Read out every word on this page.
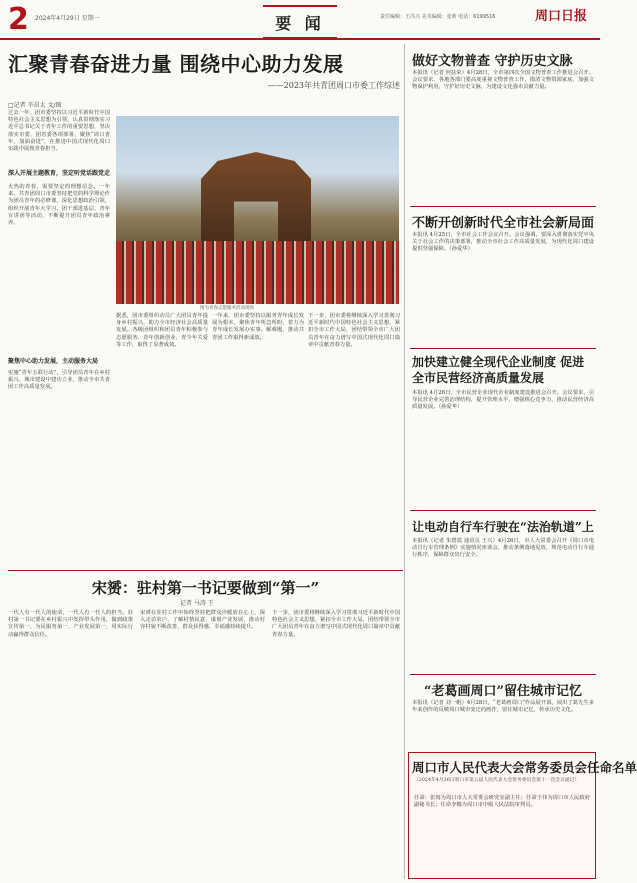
2 2024年4月29日 星期一	要 闻	责任编辑：王冯兴 美术编辑：张莉 电话：6199516	周口日报
汇聚青春奋进力量 围绕中心助力发展
——2023年共青团周口市委工作综述
□记者 辛昂太 文/图
过去一年，团市委坚持以习近平新时代中国特色社会主义思想为引领，认真贯彻落实习近平总书记关于青年工作的重要思想，坚决落实市委、团省委各项部署，聚焦“周口青年，加油奋进”，在推进中国式现代化周口实践中展现青春担当。
深入开展主题教育，坚定听党话跟党走
火热的青春，需要坚定的理想信念。一年来，共青团周口市委坚持把党的科学理论作为团员青年的必修课，深化思想政治引领，组织开展青年大学习、团干部进基层、青年宣讲团等活动，不断提升团员青年政治素养。
聚焦中心助力发展，主动服务大局
实施“青年五联行动”，引导团员青年在乡村振兴、城市建设中建功立业，推动全市共青团工作高质量发展。
图为青春志愿服务活动现场
据悉，团市委组织动员广大团员青年投身乡村振兴，助力全市经济社会高质量发展。各级团组织和团员青年积极参与志愿服务、青年创新创业、青少年关爱等工作，取得了显著成效。
一年来，团市委坚持以服务青年成长发展为根本，聚焦青年所急所盼，着力为青年成长发展办实事、解难题，推动共青团工作取得新成效。
下一步，团市委将继续深入学习贯彻习近平新时代中国特色社会主义思想，紧扣全市工作大局，团结带领全市广大团员青年在奋力谱写中国式现代化周口篇章中贡献青春力量。
宋赟：驻村第一书记要做到“第一”
记者 马涛 王
一代人有一代人的使命，一代人有一代人的担当。驻村第一书记要在乡村振兴中发挥带头作用，做到政策宣传第一、为民服务第一、产业发展第一，用实际行动赢得群众信任。
宋赟在驻村工作中始终坚持把群众冷暖放在心上，深入走访农户，了解村情民意，谋划产业发展，推动村容村貌不断改善，群众获得感、幸福感持续提升。
下一步，团市委将继续深入学习贯彻习近平新时代中国特色社会主义思想，紧扣全市工作大局，团结带领全市广大团员青年在奋力谱写中国式现代化周口篇章中贡献青春力量。
做好文物普查 守护历史文脉
本报讯（记者 何扶荣）4月28日，全市第四次全国文物普查工作推进会召开。会议要求，各地各部门要高度重视文物普查工作，摸清文物资源家底，加强文物保护利用，守护好历史文脉，为建设文化强市贡献力量。
不断开创新时代全市社会新局面
本报讯 4月25日，全市社会工作会议召开。会议强调，要深入贯彻落实党中央关于社会工作的决策部署，推动全市社会工作高质量发展，为现代化周口建设提供坚强保障。（孙爱华）
加快建立健全现代企业制度 促进全市民营经济高质量发展
本报讯 4月26日，全市民营企业现代企业制度建设推进会召开。会议要求，引导民营企业完善治理结构，提升管理水平，增强核心竞争力，推动民营经济高质量发展。（孙爱华）
让电动自行车行驶在“法治轨道”上
本报讯（记者 朱碧霞 通讯员 王兴）4月26日，市人大常委会召开《周口市电动自行车管理条例》实施情况座谈会，推动条例落地见效，规范电动自行车通行秩序，保障群众出行安全。
“老葛画周口”留住城市记忆
本报讯（记者 刘一帆）4月28日，“老葛画周口”作品展开幕，展出了葛先生多年来创作的反映周口城市变迁的画作，留住城市记忆，传承历史文化。
周口市人民代表大会常务委员会任命名单
（2024年4月26日周口市第五届人民代表大会常务委员会第十一次会议通过）
任命：张雨为周口市人大常委会研究室副主任；任命王伟为周口市人民政府副秘书长；任命李娜为周口市中级人民法院审判员。
